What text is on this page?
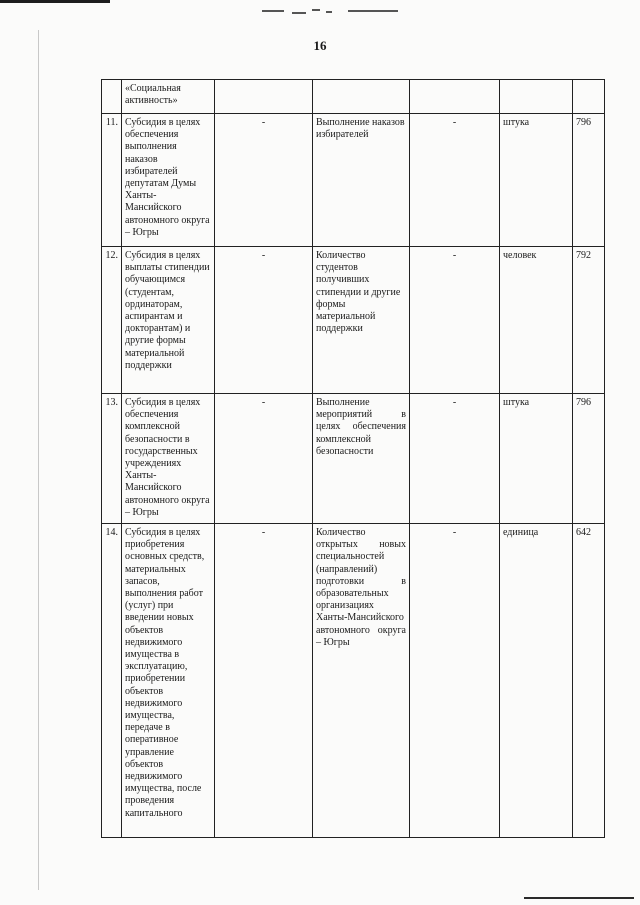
16
	«Социальная активность»					
11.	Субсидия в целях обеспечения выполнения наказов избирателей депутатам Думы Ханты-Мансийского автономного округа – Югры	-	Выполнение наказов избирателей	-	штука	796
12.	Субсидия в целях выплаты стипендии обучающимся (студентам, ординаторам, аспирантам и докторантам) и другие формы материальной поддержки	-	Количество студентов получивших стипендии и другие формы материальной поддержки	-	человек	792
13.	Субсидия в целях обеспечения комплексной безопасности в государственных учреждениях Ханты-Мансийского автономного округа – Югры	-	Выполнение мероприятий в целях обеспечения комплексной безопасности	-	штука	796
14.	Субсидия в целях приобретения основных средств, материальных запасов, выполнения работ (услуг) при введении новых объектов недвижимого имущества в эксплуатацию, приобретении объектов недвижимого имущества, передаче в оперативное управление объектов недвижимого имущества, после проведения капитального	-	Количество открытых новых специальностей (направлений) подготовки в образовательных организациях Ханты-Мансийского автономного округа – Югры	-	единица	642
